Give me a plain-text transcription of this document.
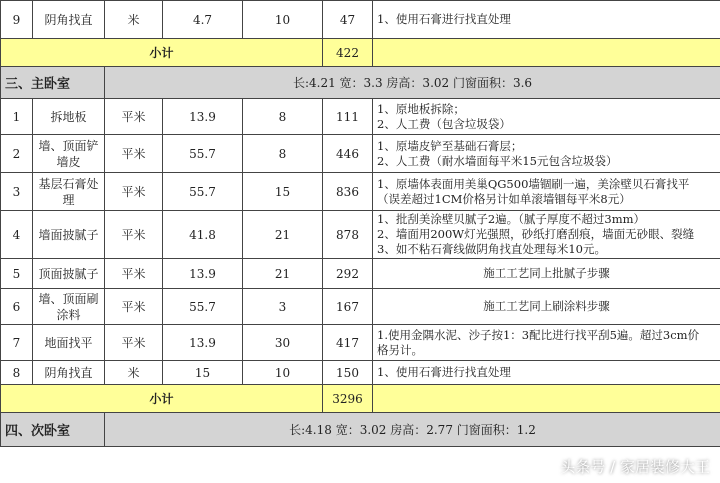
9	阴角找直	米	4.7	10	47	1、使用石膏进行找直处理
小计					422	
三、主卧室		长:4.21 宽：3.3 房高：3.02 门窗面积：3.6				
1	拆地板	平米	13.9	8	111	1、原地板拆除；
2、人工费（包含垃圾袋）
2	墙、顶面铲墙皮	平米	55.7	8	446	1、原墙皮铲至基础石膏层；
2、人工费（耐水墙面每平米15元包含垃圾袋）
3	基层石膏处理	平米	55.7	15	836	1、原墙体表面用美巢QG500墙锢刷一遍，美涂壁贝石膏找平
（误差超过1CM价格另计如单滚墙锢每平米8元）
4	墙面披腻子	平米	41.8	21	878	1、批刮美涂壁贝腻子2遍。（腻子厚度不超过3mm）
2、墙面用200W灯光强照，砂纸打磨刮痕，墙面无砂眼、裂缝
3、如不粘石膏线做阴角找直处理每米10元。
5	顶面披腻子	平米	13.9	21	292	施工工艺同上批腻子步骤
6	墙、顶面刷涂料	平米	55.7	3	167	施工工艺同上刷涂料步骤
7	地面找平	平米	13.9	30	417	1.使用金隅水泥、沙子按1：3配比进行找平刮5遍。超过3cm价
格另计。
8	阴角找直	米	15	10	150	1、使用石膏进行找直处理
小计					3296	
四、次卧室		长:4.18 宽：3.02 房高：2.77 门窗面积：1.2				
头条号 / 家居装修大王
